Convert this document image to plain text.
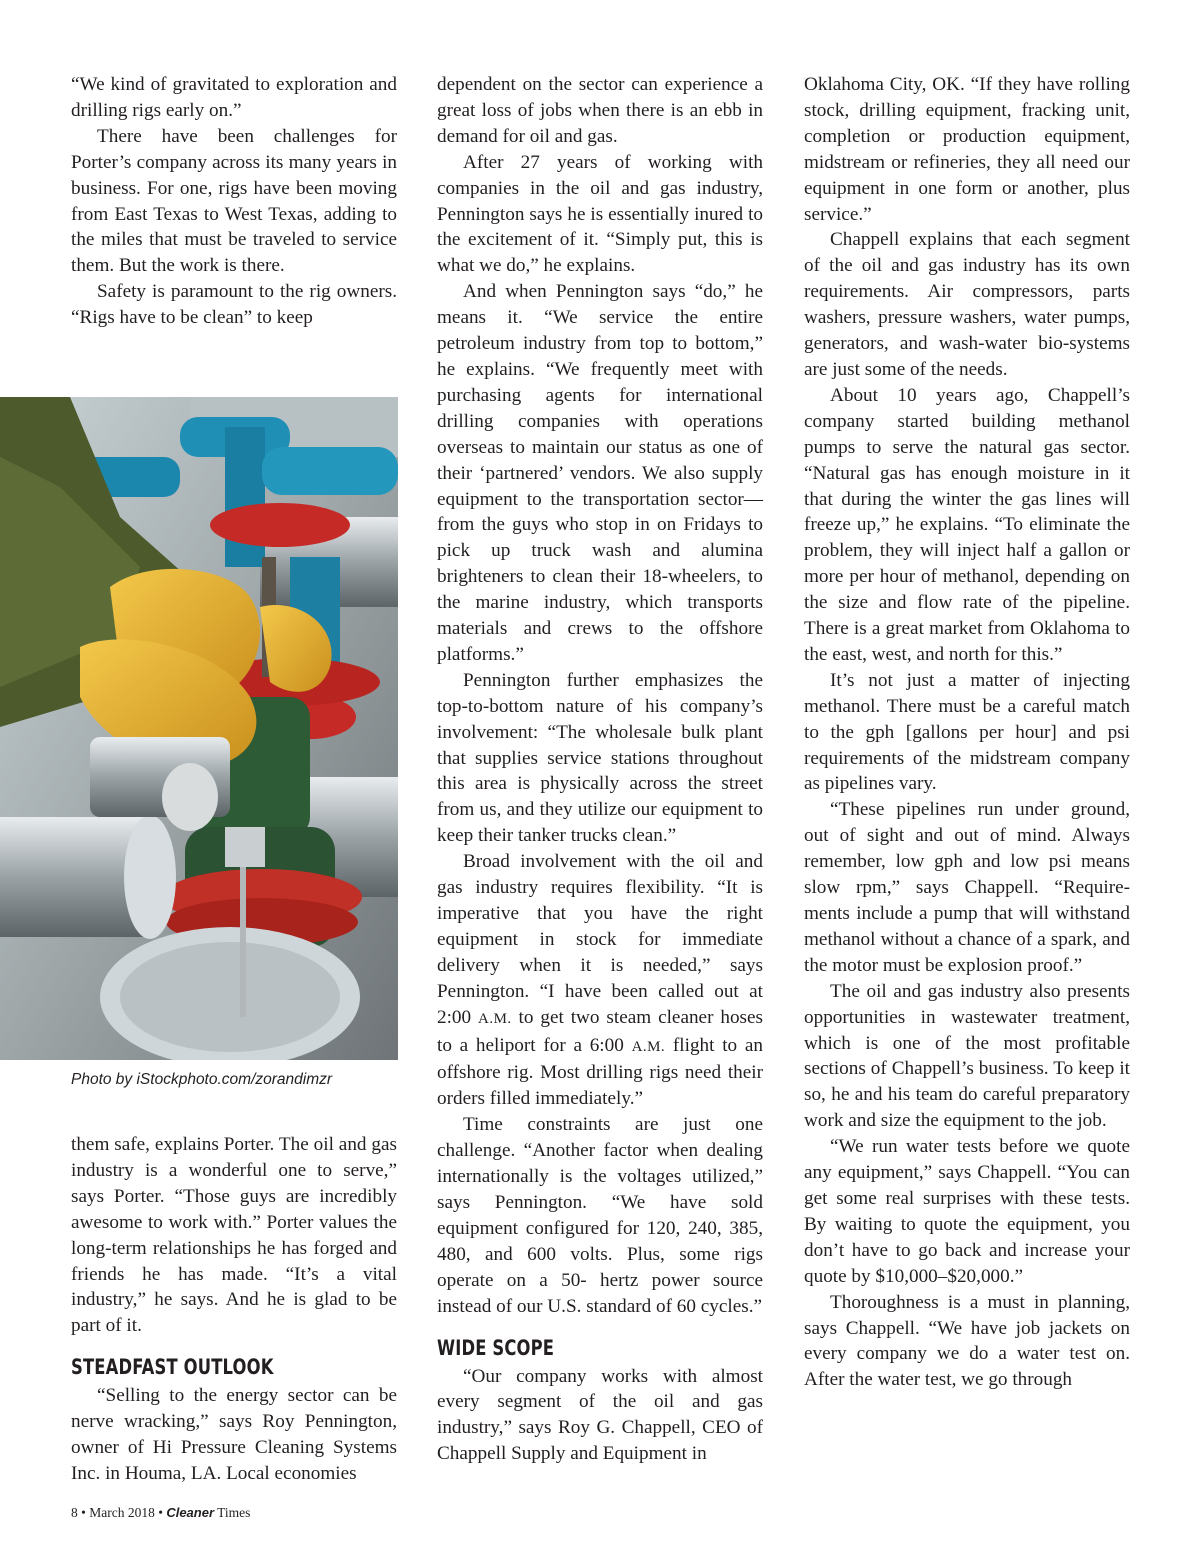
“We kind of gravitated to exploration and drilling rigs early on.”

There have been challenges for Porter’s company across its many years in business. For one, rigs have been moving from East Texas to West Texas, adding to the miles that must be traveled to service them. But the work is there.

Safety is paramount to the rig owners. “Rigs have to be clean” to keep

Photo by iStockphoto.com/zorandimzr

them safe, explains Porter. The oil and gas industry is a wonderful one to serve,” says Porter. “Those guys are incredibly awesome to work with.” Porter values the long-term relationships he has forged and friends he has made. “It’s a vital industry,” he says. And he is glad to be part of it.

STEADFAST OUTLOOK

“Selling to the energy sector can be nerve wracking,” says Roy Pennington, owner of Hi Pressure Cleaning Systems Inc. in Houma, LA. Local economies

dependent on the sector can experience a great loss of jobs when there is an ebb in demand for oil and gas.

After 27 years of working with companies in the oil and gas industry, Pennington says he is essentially inured to the excitement of it. “Simply put, this is what we do,” he explains.

And when Pennington says “do,” he means it. “We service the entire petroleum industry from top to bottom,” he explains. “We frequently meet with purchasing agents for international drilling companies with operations overseas to maintain our status as one of their ‘partnered’ vendors. We also supply equipment to the transportation sector—from the guys who stop in on Fridays to pick up truck wash and alumina brighteners to clean their 18-wheelers, to the marine industry, which transports materials and crews to the offshore platforms.”

Pennington further emphasizes the top-to-bottom nature of his company’s involvement: “The wholesale bulk plant that supplies service stations throughout this area is physically across the street from us, and they utilize our equipment to keep their tanker trucks clean.”

Broad involvement with the oil and gas industry requires flexibility. “It is imperative that you have the right equipment in stock for immediate delivery when it is needed,” says Pennington. “I have been called out at 2:00 A.M. to get two steam cleaner hoses to a heliport for a 6:00 A.M. flight to an offshore rig. Most drilling rigs need their orders filled immediately.”

Time constraints are just one challenge. “Another factor when dealing internationally is the voltages utilized,” says Pennington. “We have sold equipment configured for 120, 240, 385, 480, and 600 volts. Plus, some rigs operate on a 50- hertz power source instead of our U.S. standard of 60 cycles.”

WIDE SCOPE

“Our company works with almost every segment of the oil and gas industry,” says Roy G. Chappell, CEO of Chappell Supply and Equipment in

Oklahoma City, OK. “If they have rolling stock, drilling equipment, fracking unit, completion or production equipment, midstream or refineries, they all need our equipment in one form or another, plus service.”

Chappell explains that each segment of the oil and gas industry has its own requirements. Air compressors, parts washers, pressure washers, water pumps, generators, and wash-water bio-systems are just some of the needs.

About 10 years ago, Chappell’s company started building methanol pumps to serve the natural gas sector. “Natural gas has enough moisture in it that during the winter the gas lines will freeze up,” he explains. “To eliminate the problem, they will inject half a gallon or more per hour of methanol, depending on the size and flow rate of the pipeline. There is a great market from Oklahoma to the east, west, and north for this.”

It’s not just a matter of injecting methanol. There must be a careful match to the gph [gallons per hour] and psi requirements of the midstream company as pipelines vary.

“These pipelines run under ground, out of sight and out of mind. Always remember, low gph and low psi means slow rpm,” says Chappell. “Require-ments include a pump that will withstand methanol without a chance of a spark, and the motor must be explosion proof.”

The oil and gas industry also presents opportunities in wastewater treatment, which is one of the most profitable sections of Chappell’s business. To keep it so, he and his team do careful preparatory work and size the equipment to the job.

“We run water tests before we quote any equipment,” says Chappell. “You can get some real surprises with these tests. By waiting to quote the equipment, you don’t have to go back and increase your quote by $10,000–$20,000.”

Thoroughness is a must in planning, says Chappell. “We have job jackets on every company we do a water test on. After the water test, we go through

8 • March 2018 • Cleaner Times
